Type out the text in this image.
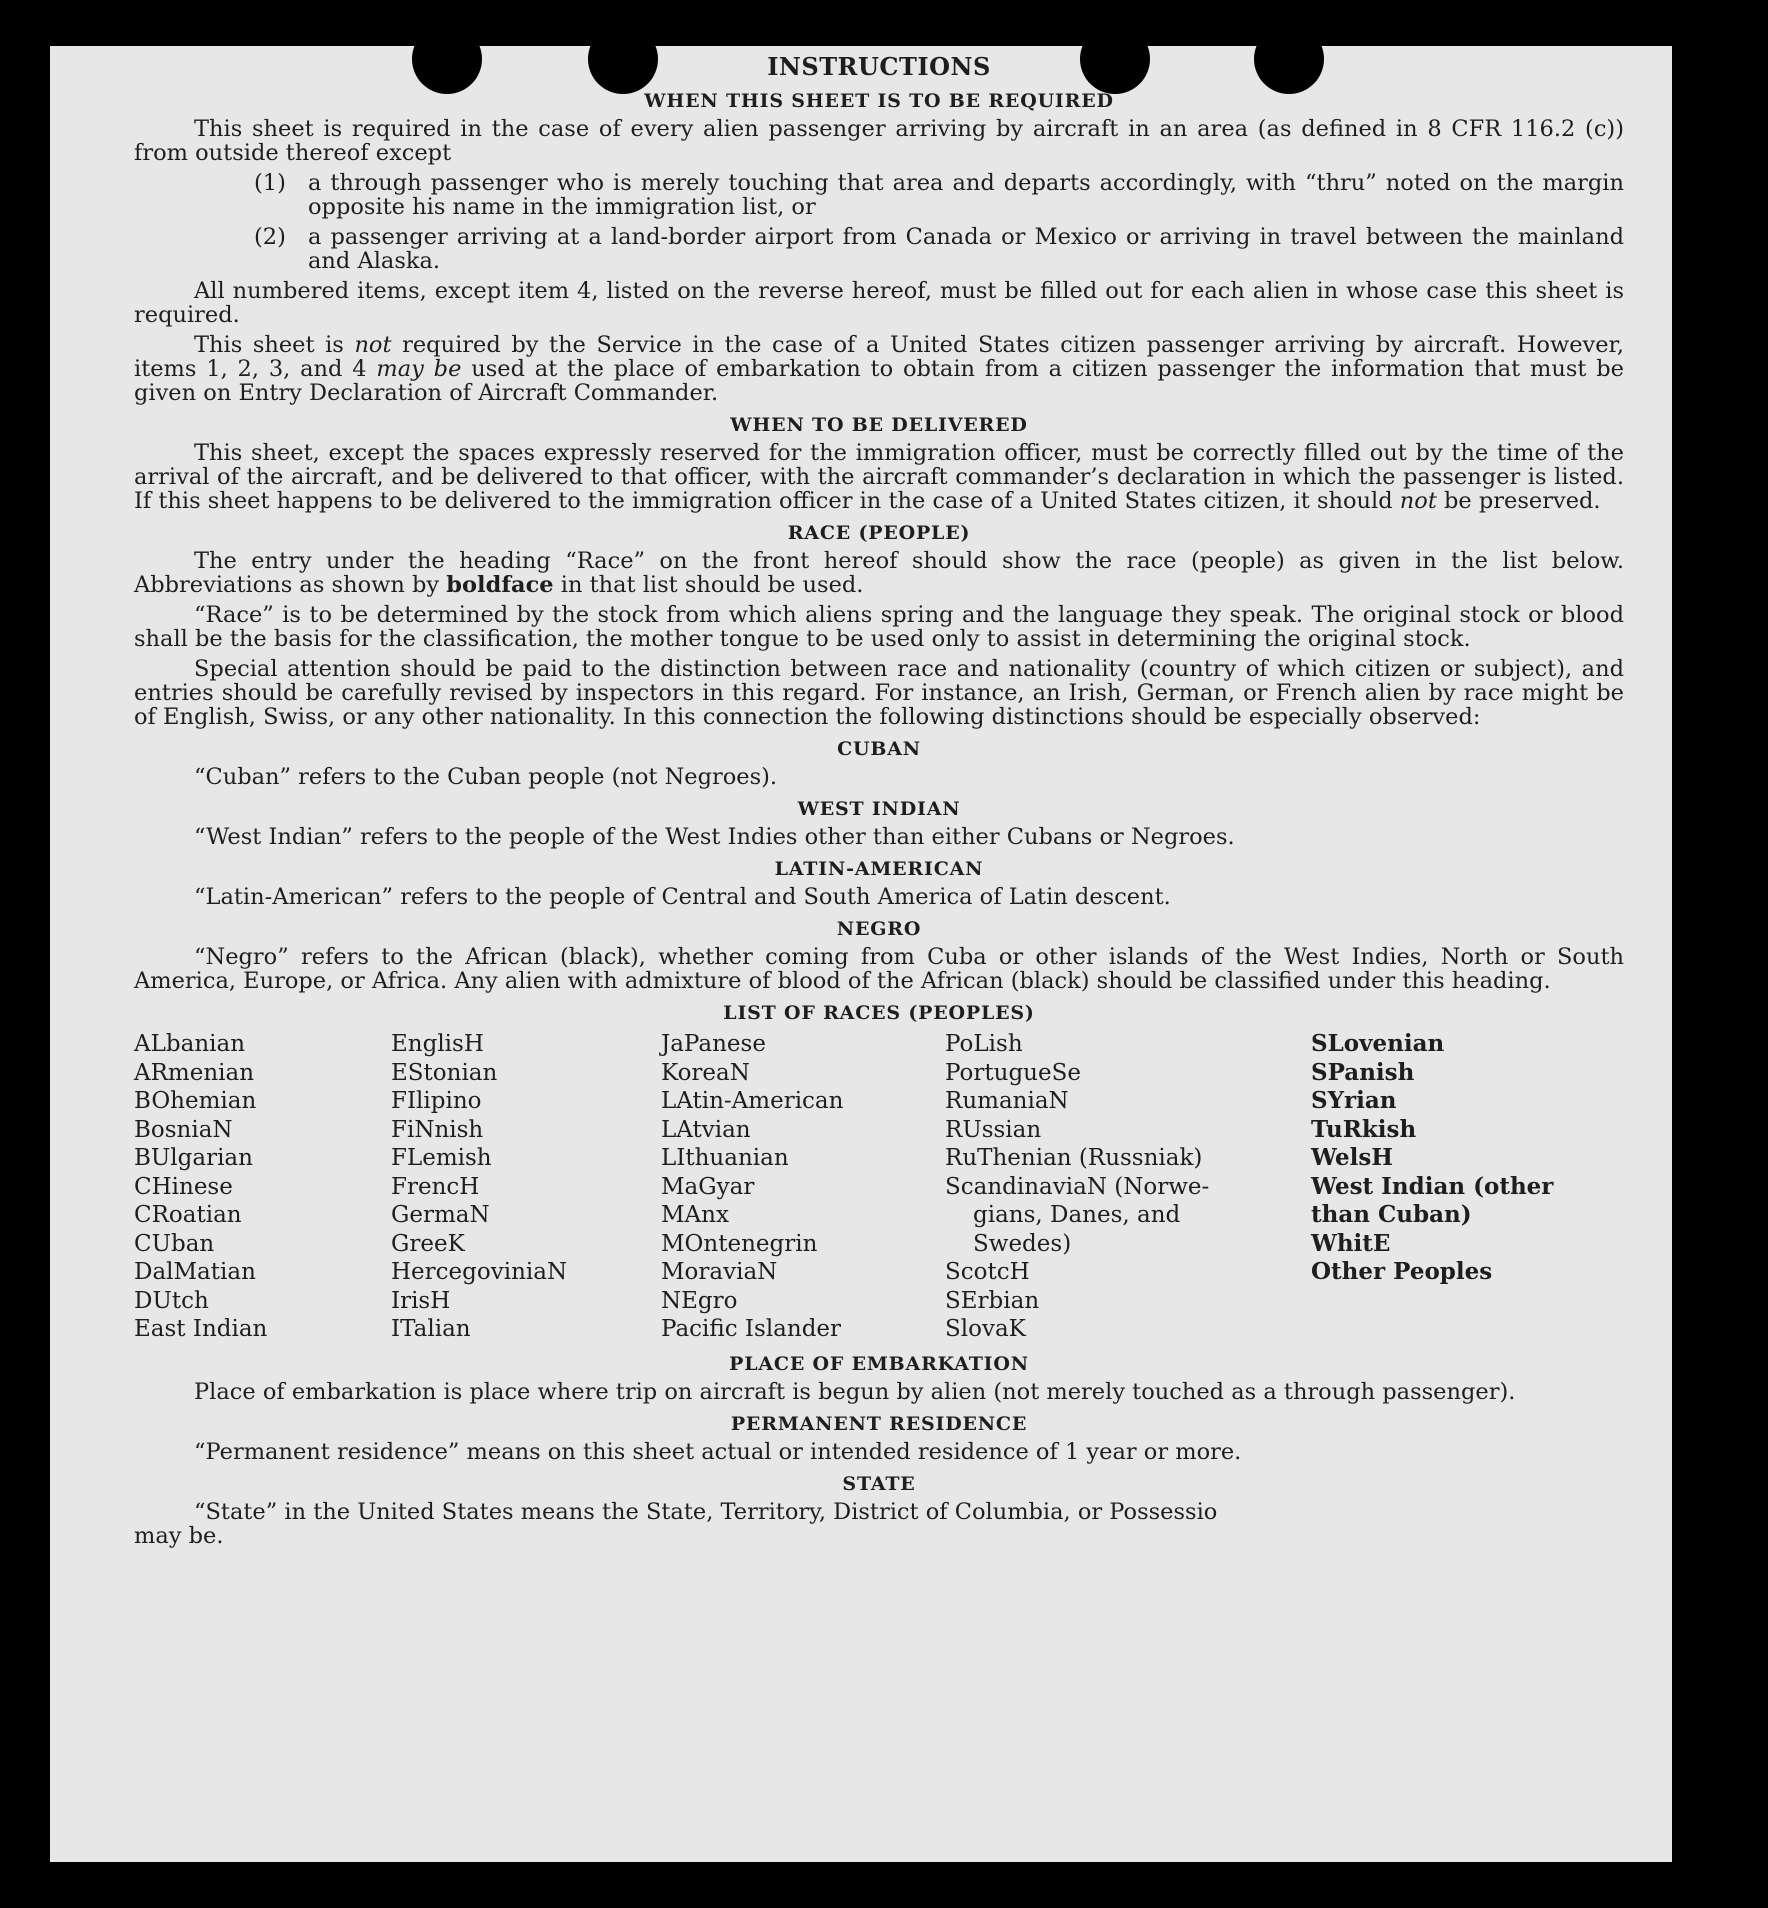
INSTRUCTIONS
WHEN THIS SHEET IS TO BE REQUIRED

This sheet is required in the case of every alien passenger arriving by aircraft in an area (as defined in 8 CFR 116.2 (c)) from outside thereof except

(1) a through passenger who is merely touching that area and departs accordingly, with “thru” noted on the margin opposite his name in the immigration list, or
(2) a passenger arriving at a land-border airport from Canada or Mexico or arriving in travel between the mainland and Alaska.

All numbered items, except item 4, listed on the reverse hereof, must be filled out for each alien in whose case this sheet is required.

This sheet is not required by the Service in the case of a United States citizen passenger arriving by aircraft. However, items 1, 2, 3, and 4 may be used at the place of embarkation to obtain from a citizen passenger the information that must be given on Entry Declaration of Aircraft Commander.

WHEN TO BE DELIVERED

This sheet, except the spaces expressly reserved for the immigration officer, must be correctly filled out by the time of the arrival of the aircraft, and be delivered to that officer, with the aircraft commander’s declaration in which the passenger is listed. If this sheet happens to be delivered to the immigration officer in the case of a United States citizen, it should not be preserved.

RACE (PEOPLE)

The entry under the heading “Race” on the front hereof should show the race (people) as given in the list below. Abbreviations as shown by boldface in that list should be used.

“Race” is to be determined by the stock from which aliens spring and the language they speak. The original stock or blood shall be the basis for the classification, the mother tongue to be used only to assist in determining the original stock.

Special attention should be paid to the distinction between race and nationality (country of which citizen or subject), and entries should be carefully revised by inspectors in this regard. For instance, an Irish, German, or French alien by race might be of English, Swiss, or any other nationality. In this connection the following distinctions should be especially observed:

CUBAN

“Cuban” refers to the Cuban people (not Negroes).

WEST INDIAN

“West Indian” refers to the people of the West Indies other than either Cubans or Negroes.

LATIN-AMERICAN

“Latin-American” refers to the people of Central and South America of Latin descent.

NEGRO

“Negro” refers to the African (black), whether coming from Cuba or other islands of the West Indies, North or South America, Europe, or Africa. Any alien with admixture of blood of the African (black) should be classified under this heading.

LIST OF RACES (PEOPLES)
ALbanian
ARmenian
BOhemian
BosniaN
BUlgarian
CHinese
CRoatian
CUban
DalMatian
DUtch
East Indian
EnglisH
EStonian
FIlipino
FiNnish
FLemish
FrencH
GermaN
GreeK
HercegoviniaN
IrisH
ITalian
JaPanese
KoreaN
LAtin-American
LAtvian
LIthuanian
MaGyar
MAnx
MOntenegrin
MoraviaN
NEgro
Pacific Islander
PoLish
PortugueSe
RumaniaN
RUssian
RuThenian (Russniak)
ScandinaviaN (Norwe-
gians, Danes, and
Swedes)
ScotcH
SErbian
SlovaK
SLovenian
SPanish
SYrian
TuRkish
WelsH
West Indian (other
than Cuban)
WhitE
Other Peoples
PLACE OF EMBARKATION

Place of embarkation is place where trip on aircraft is begun by alien (not merely touched as a through passenger).

PERMANENT RESIDENCE

“Permanent residence” means on this sheet actual or intended residence of 1 year or more.

STATE

“State” in the United States means the State, Territory, District of Columbia, or Possessio

may be.
